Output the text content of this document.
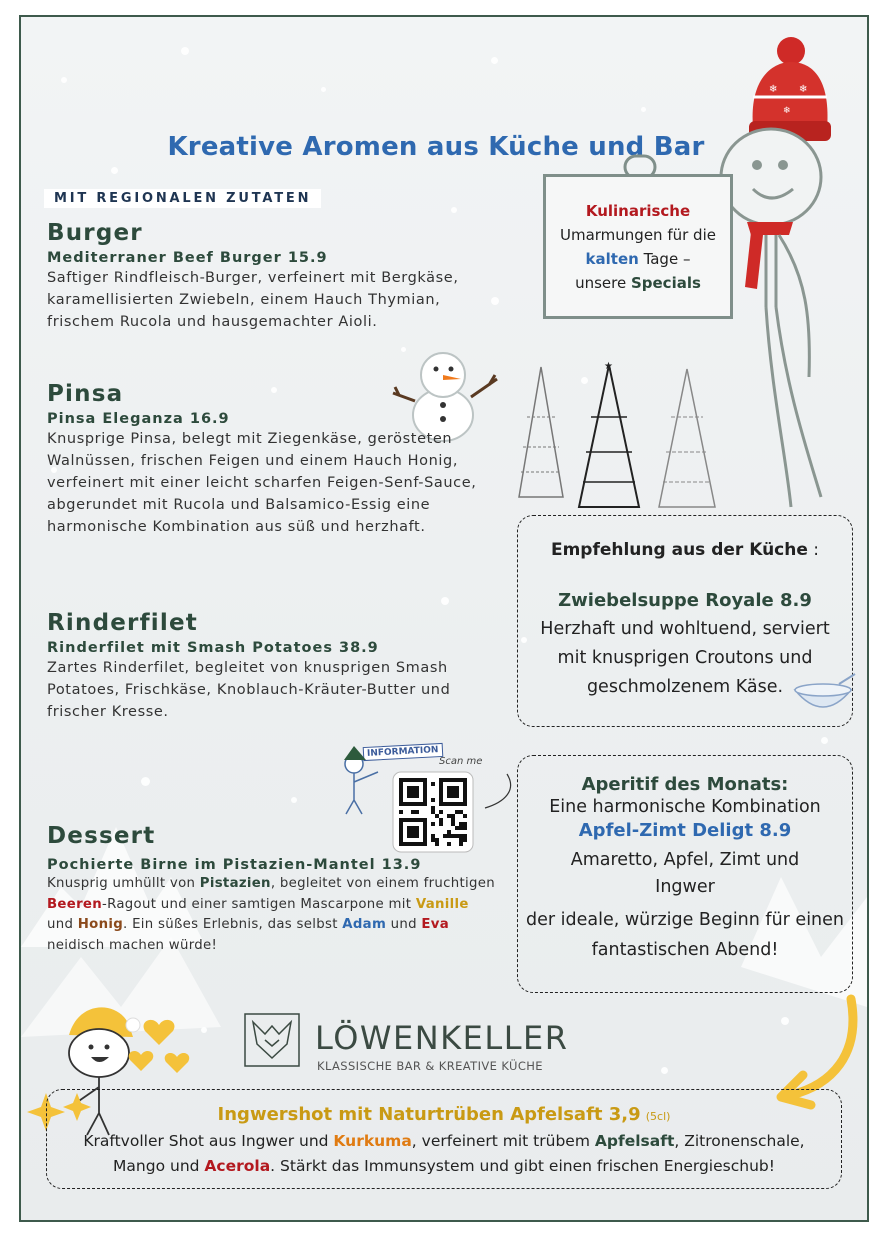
Kreative Aromen aus Küche und Bar
❄ ❄
❄
MIT REGIONALEN ZUTATEN
Burger
Mediterraner Beef Burger 15.9
Saftiger Rindfleisch-Burger, verfeinert mit Bergkäse, karamellisierten Zwiebeln, einem Hauch Thymian, frischem Rucola und hausgemachter Aioli.
Pinsa
Pinsa Eleganza 16.9
Knusprige Pinsa, belegt mit Ziegenkäse, gerösteten Walnüssen, frischen Feigen und einem Hauch Honig, verfeinert mit einer leicht scharfen Feigen-Senf-Sauce, abgerundet mit Rucola und Balsamico-Essig eine harmonische Kombination aus süß und herzhaft.
★
Kulinarische
Umarmungen für die
kalten Tage –
unsere Specials
Rinderfilet
Rinderfilet mit Smash Potatoes 38.9
Zartes Rinderfilet, begleitet von knusprigen Smash Potatoes, Frischkäse, Knoblauch-Kräuter-Butter und frischer Kresse.
Empfehlung aus der Küche :
Zwiebelsuppe Royale 8.9
Herzhaft und wohltuend, serviert mit knusprigen Croutons und geschmolzenem Käse.
INFORMATION
Scan me
Aperitif des Monats:
Eine harmonische Kombination
Apfel-Zimt Deligt 8.9
Amaretto, Apfel, Zimt und Ingwer
der ideale, würzige Beginn für einen fantastischen Abend!
Dessert
Pochierte Birne im Pistazien-Mantel 13.9
Knusprig umhüllt von Pistazien, begleitet von einem fruchtigen Beeren-Ragout und einer samtigen Mascarpone mit Vanille und Honig. Ein süßes Erlebnis, das selbst Adam und Eva neidisch machen würde!
LÖWENKELLER
KLASSISCHE BAR & KREATIVE KÜCHE
Ingwershot mit Naturtrüben Apfelsaft 3,9 (5cl)
Kraftvoller Shot aus Ingwer und Kurkuma, verfeinert mit trübem Apfelsaft, Zitronenschale,
Mango und Acerola. Stärkt das Immunsystem und gibt einen frischen Energieschub!
